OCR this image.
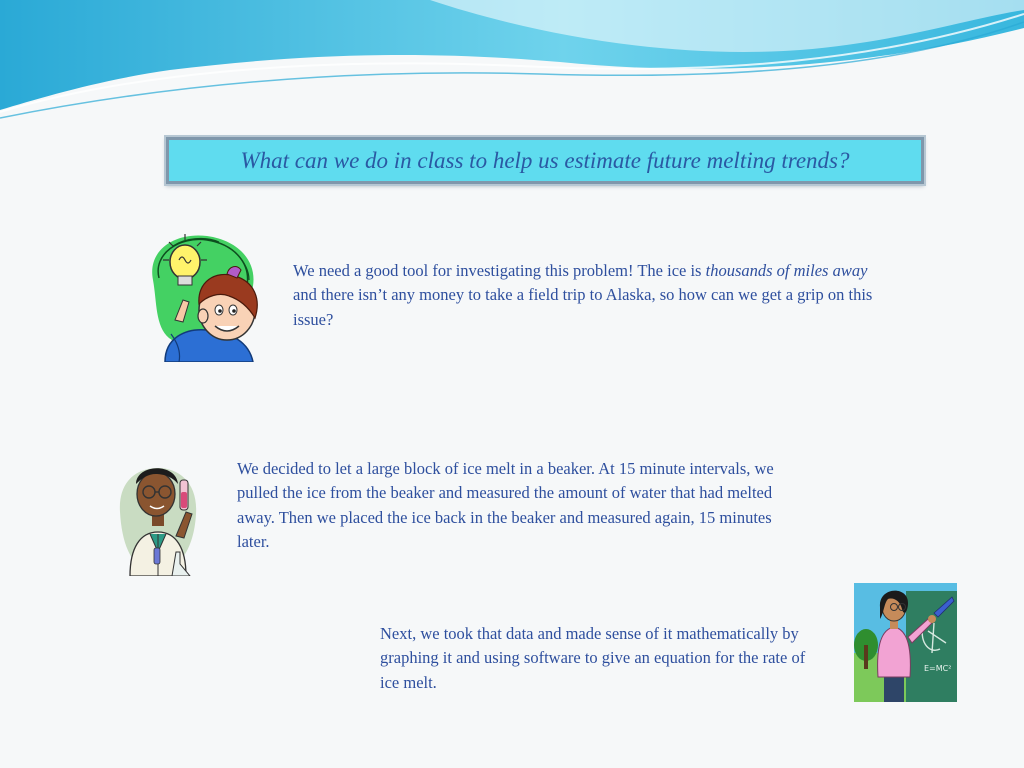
What can we do in class to help us estimate future melting trends?
E=MC²
We need a good tool for investigating this problem! The ice is thousands of miles away and there isn’t any money to take a field trip to Alaska, so how can we get a grip on this issue?
We decided to let a large block of ice melt in a beaker. At 15 minute intervals, we pulled the ice from the beaker and measured the amount of water that had melted away. Then we placed the ice back in the beaker and measured again, 15 minutes later.
Next, we took that data and made sense of it mathematically by graphing it and using software to give an equation for the rate of ice melt.
